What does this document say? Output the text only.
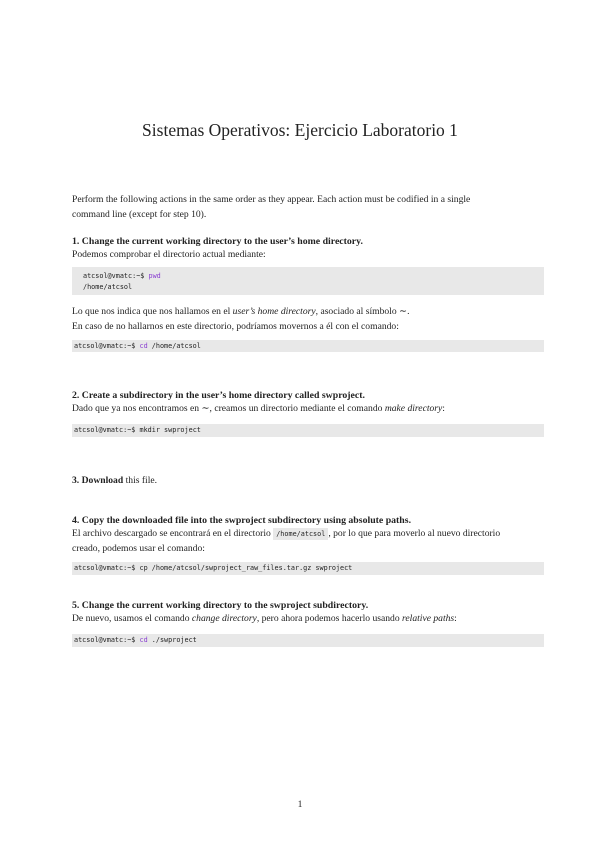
Sistemas Operativos: Ejercicio Laboratorio 1
Perform the following actions in the same order as they appear. Each action must be codified in a single
command line (except for step 10).
1. Change the current working directory to the user’s home directory.
Podemos comprobar el directorio actual mediante:
atcsol@vmatc:~$ pwd
/home/atcsol
Lo que nos indica que nos hallamos en el user’s home directory, asociado al símbolo ∼.
En caso de no hallarnos en este directorio, podríamos movernos a él con el comando:
atcsol@vmatc:~$ cd /home/atcsol
2. Create a subdirectory in the user’s home directory called swproject.
Dado que ya nos encontramos en ∼, creamos un directorio mediante el comando make directory:
atcsol@vmatc:~$ mkdir swproject
3. Download this file.
4. Copy the downloaded file into the swproject subdirectory using absolute paths.
El archivo descargado se encontrará en el directorio /home/atcsol , por lo que para moverlo al nuevo directorio
creado, podemos usar el comando:
atcsol@vmatc:~$ cp /home/atcsol/swproject_raw_files.tar.gz swproject
5. Change the current working directory to the swproject subdirectory.
De nuevo, usamos el comando change directory, pero ahora podemos hacerlo usando relative paths:
atcsol@vmatc:~$ cd ./swproject
1
